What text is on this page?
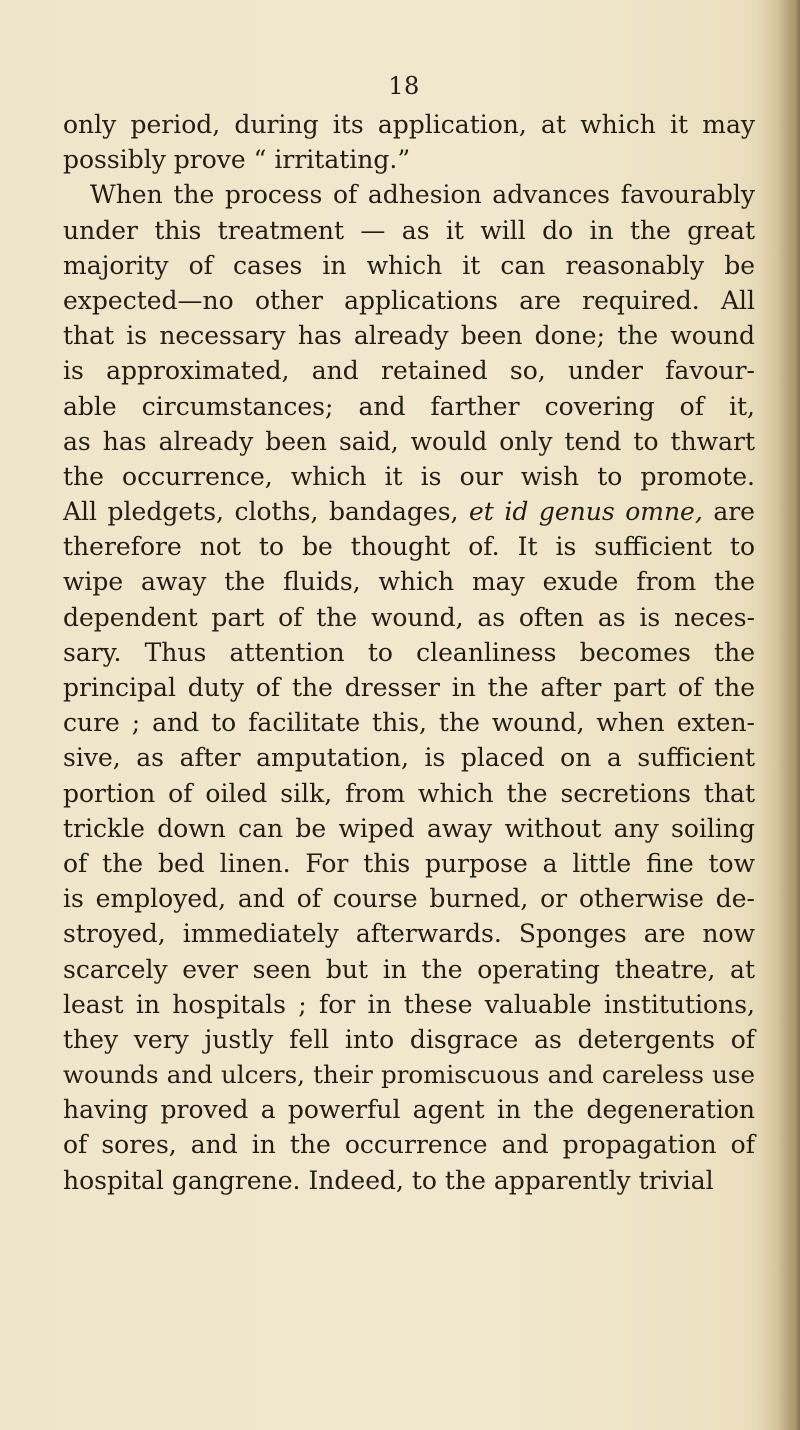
18
only period, during its application, at which it may
possibly prove “ irritating.”
When the process of adhesion advances favourably
under this treatment — as it will do in the great
majority of cases in which it can reasonably be
expected—no other applications are required. All
that is necessary has already been done; the wound
is approximated, and retained so, under favour-
able circumstances; and farther covering of it,
as has already been said, would only tend to thwart
the occurrence, which it is our wish to promote.
All pledgets, cloths, bandages, et id genus omne, are
therefore not to be thought of. It is sufficient to
wipe away the fluids, which may exude from the
dependent part of the wound, as often as is neces-
sary. Thus attention to cleanliness becomes the
principal duty of the dresser in the after part of the
cure ; and to facilitate this, the wound, when exten-
sive, as after amputation, is placed on a sufficient
portion of oiled silk, from which the secretions that
trickle down can be wiped away without any soiling
of the bed linen. For this purpose a little fine tow
is employed, and of course burned, or otherwise de-
stroyed, immediately afterwards. Sponges are now
scarcely ever seen but in the operating theatre, at
least in hospitals ; for in these valuable institutions,
they very justly fell into disgrace as detergents of
wounds and ulcers, their promiscuous and careless use
having proved a powerful agent in the degeneration
of sores, and in the occurrence and propagation of
hospital gangrene. Indeed, to the apparently trivial
